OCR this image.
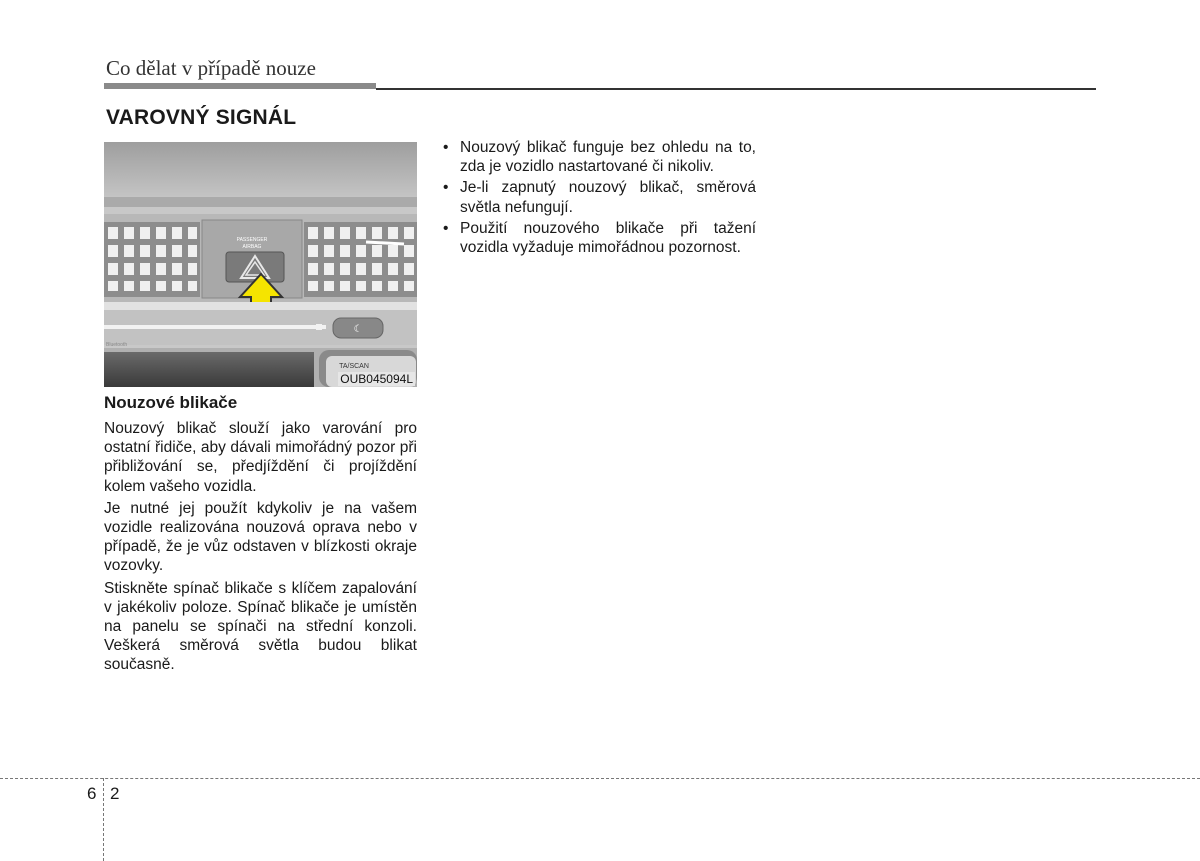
Co dělat v případě nouze
VAROVNÝ SIGNÁL
PASSENGER
AIRBAG
☾
Bluetooth
TA/SCAN
OUB045094L
Nouzové blikače

Nouzový blikač slouží jako varování pro ostatní řidiče, aby dávali mimořádný pozor při přibližování se, předjíždění či projíždění kolem vašeho vozidla.

Je nutné jej použít kdykoliv je na vašem vozidle realizována nouzová oprava nebo v případě, že je vůz odstaven v blízkosti okraje vozovky.

Stiskněte spínač blikače s klíčem zapalování v jakékoliv poloze. Spínač blikače je umístěn na panelu se spínači na střední konzoli. Veškerá směrová světla budou blikat současně.

• Nouzový blikač funguje bez ohledu na to, zda je vozidlo nastartované či nikoliv.
• Je-li zapnutý nouzový blikač, směrová světla nefungují.
• Použití nouzového blikače při tažení vozidla vyžaduje mimořádnou pozornost.
6 2
